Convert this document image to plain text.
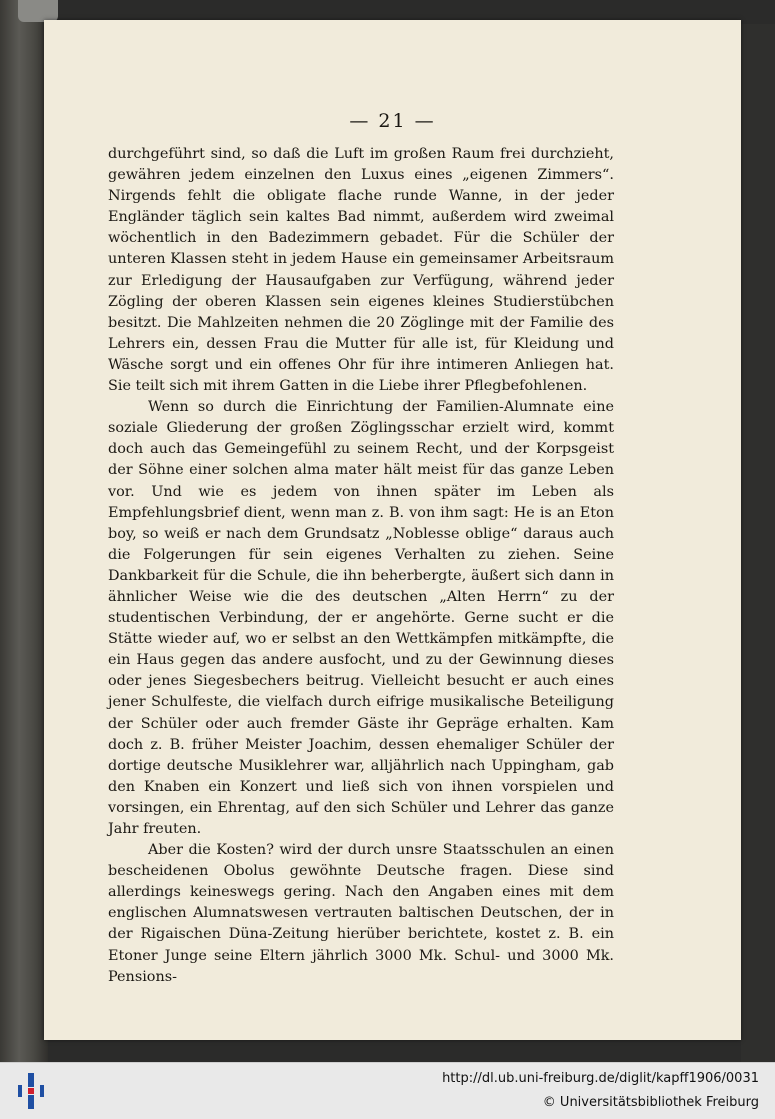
— 21 —

durchgeführt sind, so daß die Luft im großen Raum frei durchzieht, gewähren jedem einzelnen den Luxus eines „eigenen Zimmers“. Nirgends fehlt die obligate flache runde Wanne, in der jeder Engländer täglich sein kaltes Bad nimmt, außerdem wird zweimal wöchentlich in den Badezimmern gebadet. Für die Schüler der unteren Klassen steht in jedem Hause ein gemeinsamer Arbeitsraum zur Erledigung der Hausaufgaben zur Verfügung, während jeder Zögling der oberen Klassen sein eigenes kleines Studierstübchen besitzt. Die Mahlzeiten nehmen die 20 Zöglinge mit der Familie des Lehrers ein, dessen Frau die Mutter für alle ist, für Kleidung und Wäsche sorgt und ein offenes Ohr für ihre intimeren Anliegen hat. Sie teilt sich mit ihrem Gatten in die Liebe ihrer Pflegbefohlenen.

Wenn so durch die Einrichtung der Familien-Alumnate eine soziale Gliederung der großen Zöglingsschar erzielt wird, kommt doch auch das Gemeingefühl zu seinem Recht, und der Korpsgeist der Söhne einer solchen alma mater hält meist für das ganze Leben vor. Und wie es jedem von ihnen später im Leben als Empfehlungsbrief dient, wenn man z. B. von ihm sagt: He is an Eton boy, so weiß er nach dem Grundsatz „Noblesse oblige“ daraus auch die Folgerungen für sein eigenes Verhalten zu ziehen. Seine Dankbarkeit für die Schule, die ihn beherbergte, äußert sich dann in ähnlicher Weise wie die des deutschen „Alten Herrn“ zu der studentischen Verbindung, der er angehörte. Gerne sucht er die Stätte wieder auf, wo er selbst an den Wettkämpfen mitkämpfte, die ein Haus gegen das andere ausfocht, und zu der Gewinnung dieses oder jenes Siegesbechers beitrug. Vielleicht besucht er auch eines jener Schulfeste, die vielfach durch eifrige musikalische Beteiligung der Schüler oder auch fremder Gäste ihr Gepräge erhalten. Kam doch z. B. früher Meister Joachim, dessen ehemaliger Schüler der dortige deutsche Musiklehrer war, alljährlich nach Uppingham, gab den Knaben ein Konzert und ließ sich von ihnen vorspielen und vorsingen, ein Ehrentag, auf den sich Schüler und Lehrer das ganze Jahr freuten.

Aber die Kosten? wird der durch unsre Staatsschulen an einen bescheidenen Obolus gewöhnte Deutsche fragen. Diese sind allerdings keineswegs gering. Nach den Angaben eines mit dem englischen Alumnatswesen vertrauten baltischen Deutschen, der in der Rigaischen Düna-Zeitung hierüber berichtete, kostet z. B. ein Etoner Junge seine Eltern jährlich 3000 Mk. Schul- und 3000 Mk. Pensions-

http://dl.ub.uni-freiburg.de/diglit/kapff1906/0031
© Universitätsbibliothek Freiburg
